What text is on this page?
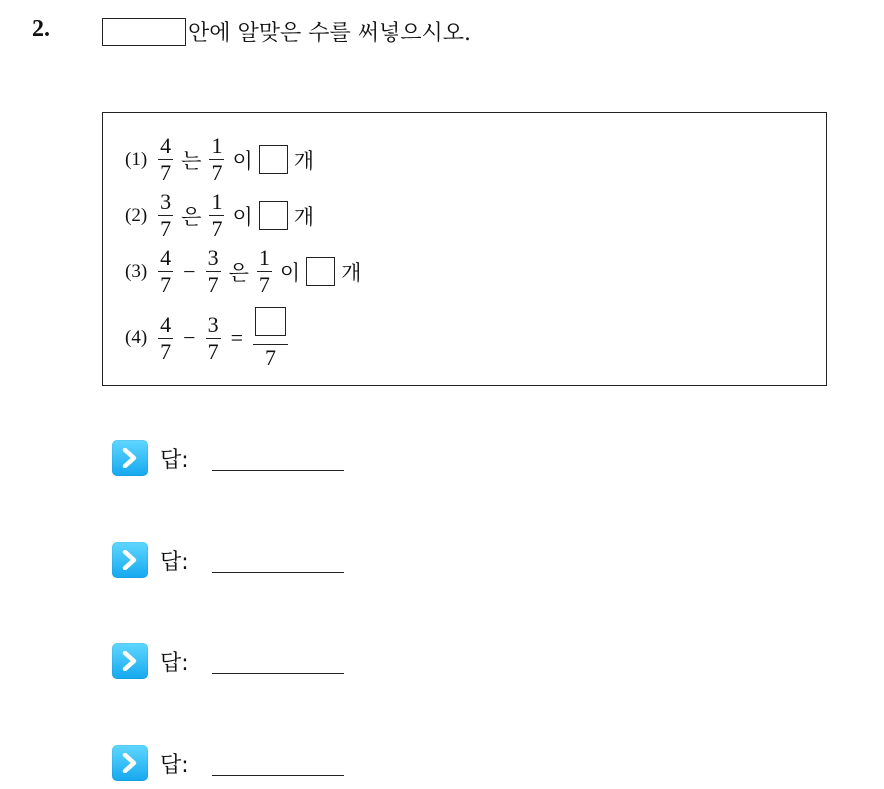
2.	안에 알맞은 수를 써넣으시오.
$(1) \frac{4}{7}$ 는 $\frac{1}{7}$ 이 개
$(2) \frac{3}{7}$ 은 $\frac{1}{7}$ 이 개
$(3) \frac{4}{7} - \frac{3}{7}$ 은 $\frac{1}{7}$ 이 개
$(4) \frac{4}{7} - \frac{3}{7}$ =
7
답:
답:
답:
답:
